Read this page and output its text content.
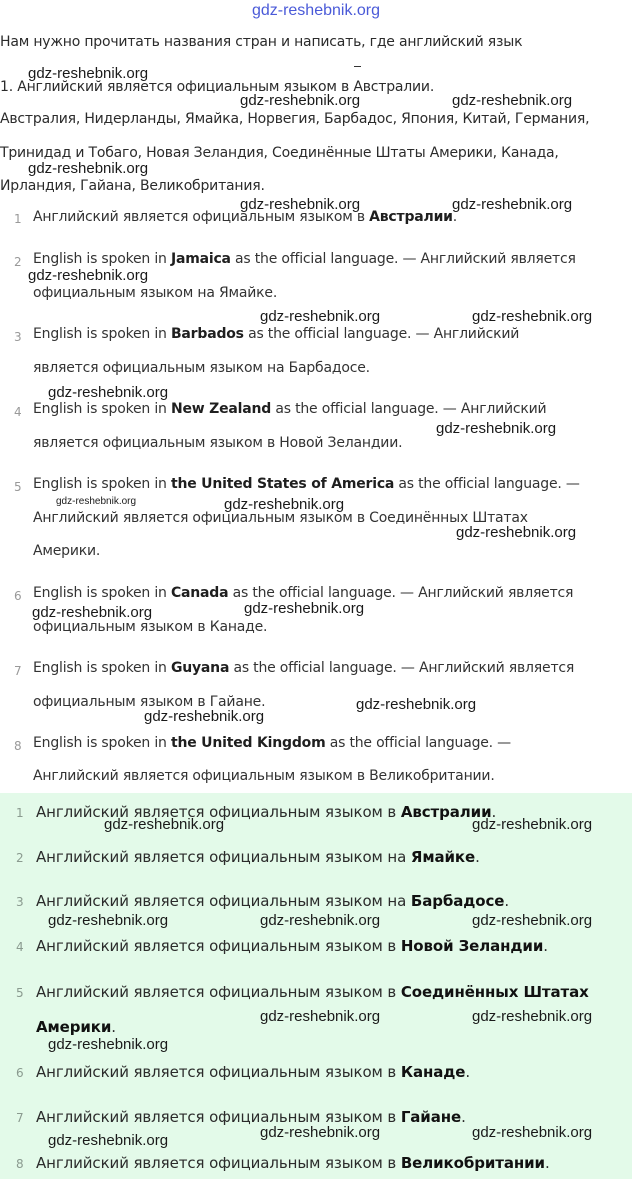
gdz-reshebnik.org
Нам нужно прочитать названия стран и написать, где английский язык
1. Английский является официальным языком в Австралии.
Австралия, Нидерланды, Ямайка, Норвегия, Барбадос, Япония, Китай, Германия,
Тринидад и Тобаго, Новая Зеландия, Соединённые Штаты Америки, Канада,
Ирландия, Гайана, Великобритания.
1 Английский является официальным языком в Австралии.
2 English is spoken in Jamaica as the official language. — Английский является
официальным языком на Ямайке.
3 English is spoken in Barbados as the official language. — Английский
является официальным языком на Барбадосе.
4 English is spoken in New Zealand as the official language. — Английский
является официальным языком в Новой Зеландии.
5 English is spoken in the United States of America as the official language. —
Английский является официальным языком в Соединённых Штатах
Америки.
6 English is spoken in Canada as the official language. — Английский является
официальным языком в Канаде.
7 English is spoken in Guyana as the official language. — Английский является
официальным языком в Гайане.
8 English is spoken in the United Kingdom as the official language. —
Английский является официальным языком в Великобритании.
1 Английский является официальным языком в Австралии.
2 Английский является официальным языком на Ямайке.
3 Английский является официальным языком на Барбадосе.
4 Английский является официальным языком в Новой Зеландии.
5 Английский является официальным языком в Соединённых Штатах
Америки.
6 Английский является официальным языком в Канаде.
7 Английский является официальным языком в Гайане.
8 Английский является официальным языком в Великобритании.
gdz-reshebnik.org
gdz-reshebnik.org	gdz-reshebnik.org
gdz-reshebnik.org
gdz-reshebnik.org	gdz-reshebnik.org
gdz-reshebnik.org
gdz-reshebnik.org	gdz-reshebnik.org
gdz-reshebnik.org
gdz-reshebnik.org
gdz-reshebnik.org	gdz-reshebnik.org
gdz-reshebnik.org
gdz-reshebnik.org	gdz-reshebnik.org
gdz-reshebnik.org
gdz-reshebnik.org
gdz-reshebnik.org	gdz-reshebnik.org
gdz-reshebnik.org	gdz-reshebnik.org	gdz-reshebnik.org
gdz-reshebnik.org	gdz-reshebnik.org
gdz-reshebnik.org
gdz-reshebnik.org	gdz-reshebnik.org
gdz-reshebnik.org
